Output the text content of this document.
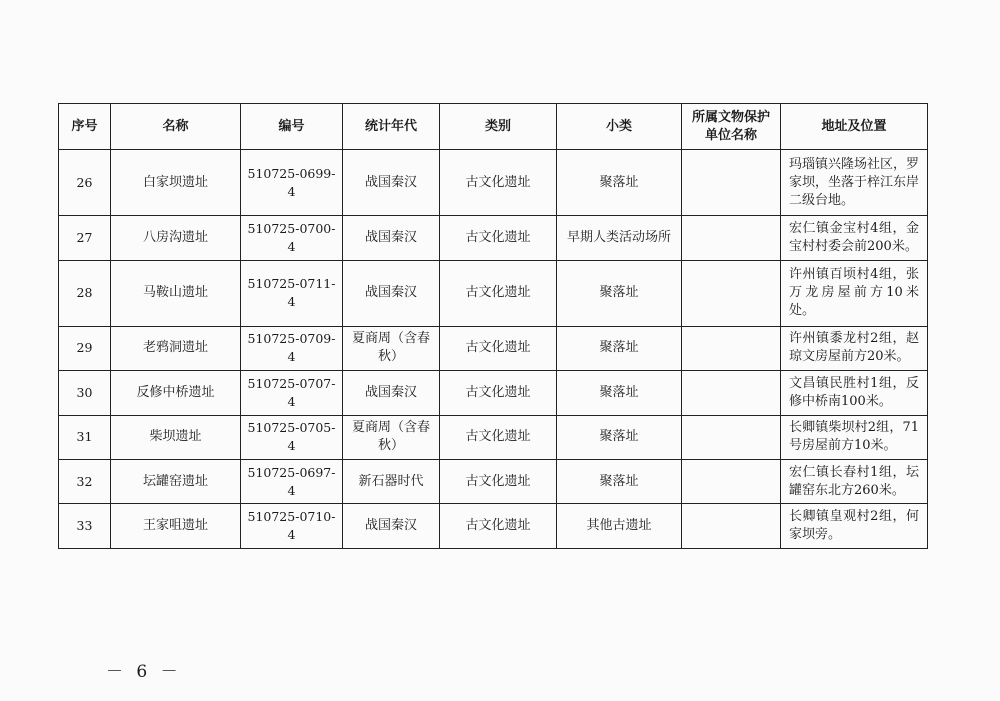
序号	名称	编号	统计年代	类别	小类	所属文物保护单位名称	地址及位置
26	白家坝遗址	510725-0699-4	战国秦汉	古文化遗址	聚落址		玛瑙镇兴隆场社区，罗家坝，坐落于梓江东岸二级台地。
27	八房沟遗址	510725-0700-4	战国秦汉	古文化遗址	早期人类活动场所		宏仁镇金宝村4组，金宝村村委会前200米。
28	马鞍山遗址	510725-0711-4	战国秦汉	古文化遗址	聚落址		许州镇百顷村4组，张万龙房屋前方10米处。
29	老鸦洞遗址	510725-0709-4	夏商周（含春秋）	古文化遗址	聚落址		许州镇黍龙村2组，赵琼文房屋前方20米。
30	反修中桥遗址	510725-0707-4	战国秦汉	古文化遗址	聚落址		文昌镇民胜村1组，反修中桥南100米。
31	柴坝遗址	510725-0705-4	夏商周（含春秋）	古文化遗址	聚落址		长卿镇柴坝村2组，71号房屋前方10米。
32	坛罐窑遗址	510725-0697-4	新石器时代	古文化遗址	聚落址		宏仁镇长春村1组，坛罐窑东北方260米。
33	王家咀遗址	510725-0710-4	战国秦汉	古文化遗址	其他古遗址		长卿镇皇观村2组，何家坝旁。
－ 6 －
